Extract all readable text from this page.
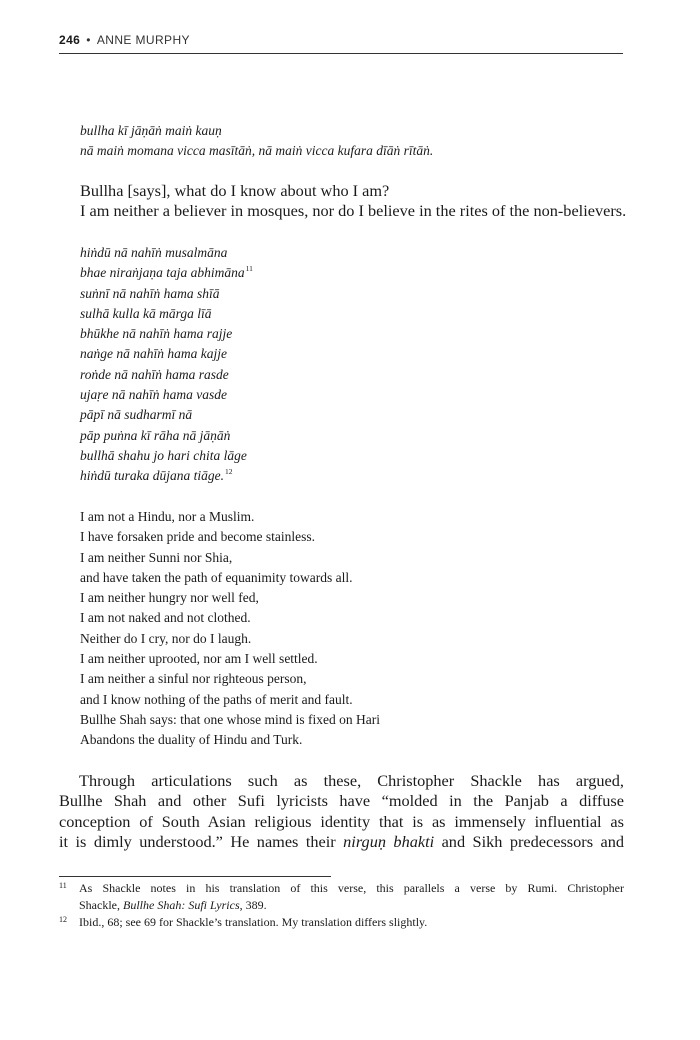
246 • ANNE MURPHY
bullha kī jāṇāṅ maiṅ kauṇ
nā maiṅ momana vicca masītāṅ, nā maiṅ vicca kufara dīāṅ rītāṅ.
Bullha [says], what do I know about who I am?
I am neither a believer in mosques, nor do I believe in the rites of the non-believers.
hiṅdū nā nahīṅ musalmāna
bhae niraṅjaṇa taja abhimāna$^{11}$
suṅnī nā nahīṅ hama shīā
sulhā kulla kā mārga līā
bhūkhe nā nahīṅ hama rajje
naṅge nā nahīṅ hama kajje
roṅde nā nahīṅ hama rasde
ujaṛe nā nahīṅ hama vasde
pāpī nā sudharmī nā
pāp puṅna kī rāha nā jāṇāṅ
bullhā shahu jo hari chita lāge
hiṅdū turaka dūjana tiāge.$^{12}$
I am not a Hindu, nor a Muslim.
I have forsaken pride and become stainless.
I am neither Sunni nor Shia,
and have taken the path of equanimity towards all.
I am neither hungry nor well fed,
I am not naked and not clothed.
Neither do I cry, nor do I laugh.
I am neither uprooted, nor am I well settled.
I am neither a sinful nor righteous person,
and I know nothing of the paths of merit and fault.
Bullhe Shah says: that one whose mind is fixed on Hari
Abandons the duality of Hindu and Turk.
Through articulations such as these, Christopher Shackle has argued,
Bullhe Shah and other Sufi lyricists have “molded in the Panjab a diffuse
conception of South Asian religious identity that is as immensely influential as
it is dimly understood.” He names their nirguṇ bhakti and Sikh predecessors and
11 As Shackle notes in his translation of this verse, this parallels a verse by Rumi. Christopher
Shackle, Bullhe Shah: Sufi Lyrics, 389.
12 Ibid., 68; see 69 for Shackle’s translation. My translation differs slightly.
